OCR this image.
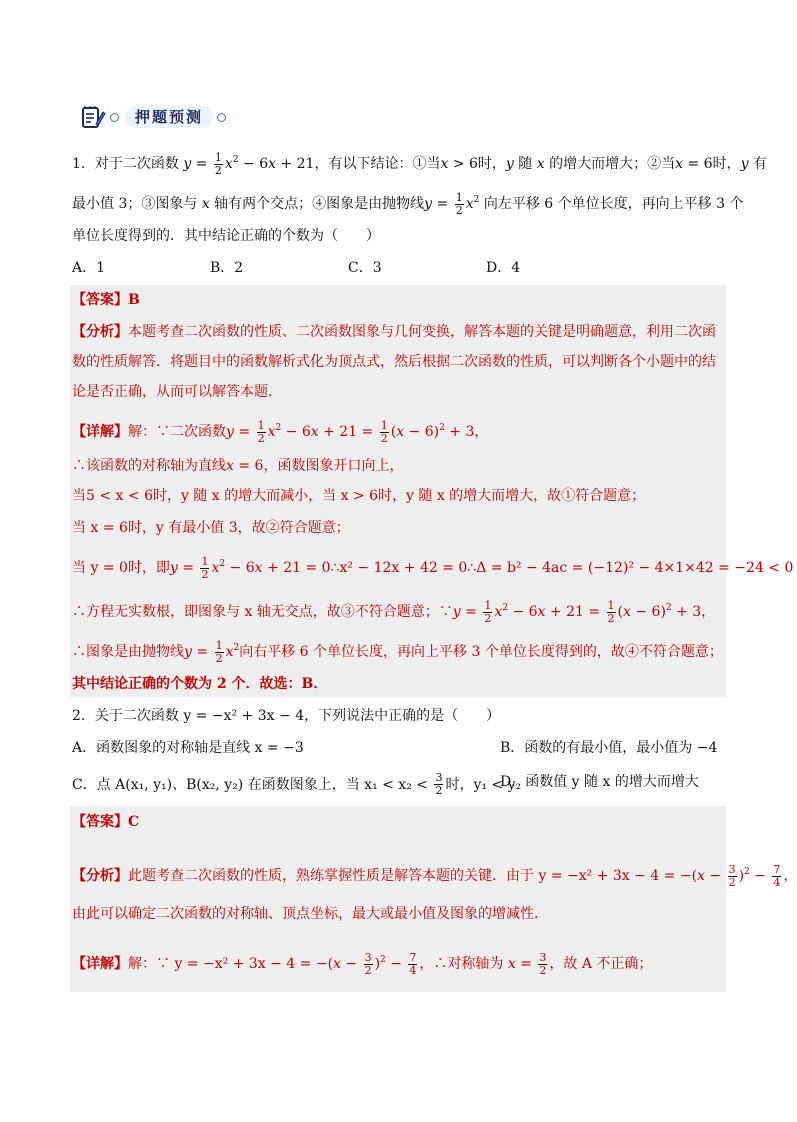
押题预测
1．对于二次函数 $y = \frac{1}{2} x^2 - 6x + 21$，有以下结论：①当x > 6时，y 随 x 的增大而增大；②当x = 6时，y 有
最小值 3；③图象与 x 轴有两个交点；④图象是由抛物线$y = \frac{1}{2} x^2$ 向左平移 6 个单位长度，再向上平移 3 个
单位长度得到的．其中结论正确的个数为（　　）
A．1	B．2	C．3	D．4
【答案】B
【分析】本题考查二次函数的性质、二次函数图象与几何变换，解答本题的关键是明确题意，利用二次函
数的性质解答．将题目中的函数解析式化为顶点式，然后根据二次函数的性质，可以判断各个小题中的结
论是否正确，从而可以解答本题．
【详解】解：∵二次函数$y = \frac{1}{2} x^2 - 6x + 21 = \frac{1}{2} (x - 6)^2 + 3$，
∴该函数的对称轴为直线x = 6，函数图象开口向上，
当5 < x < 6时，y 随 x 的增大而减小，当 x > 6时，y 随 x 的增大而增大，故①符合题意；
当 x = 6时，y 有最小值 3，故②符合题意；
当 y = 0时，即$y = \frac{1}{2} x^2 - 6x + 21$ = 0∴x² − 12x + 42 = 0∴Δ = b² − 4ac = (−12)² − 4×1×42 = −24 < 0
∴方程无实数根，即图象与 x 轴无交点，故③不符合题意；∵y = $\frac{1}{2} x^2 - 6x + 21 = \frac{1}{2} (x - 6)^2 + 3$，
∴图象是由抛物线$y = \frac{1}{2} x^2$向右平移 6 个单位长度，再向上平移 3 个单位长度得到的，故④不符合题意；
其中结论正确的个数为 2 个．故选：B．
2．关于二次函数 y = −x² + 3x − 4，下列说法中正确的是（　　）
A．函数图象的对称轴是直线 x = −3	B．函数的有最小值，最小值为 −4
C．点 A(x₁, y₁)、B(x₂, y₂) 在函数图象上，当 $x_1 < x_2 < \frac{3}{2}$ 时，y₁ < y₂
D．函数值 y 随 x 的增大而增大
【答案】C
【分析】此题考查二次函数的性质，熟练掌握性质是解答本题的关键．由于 $y = -x^2 + 3x - 4 = -(x - \frac{3}{2} )^2 - \frac{7}{4}$ ，
由此可以确定二次函数的对称轴、顶点坐标，最大或最小值及图象的增减性．
【详解】解：∵ $y = -x^2 + 3x - 4 = -(x - \frac{3}{2} )^2 - \frac{7}{4}$ ，∴对称轴为 $x = \frac{3}{2}$ ，故 A 不正确；
